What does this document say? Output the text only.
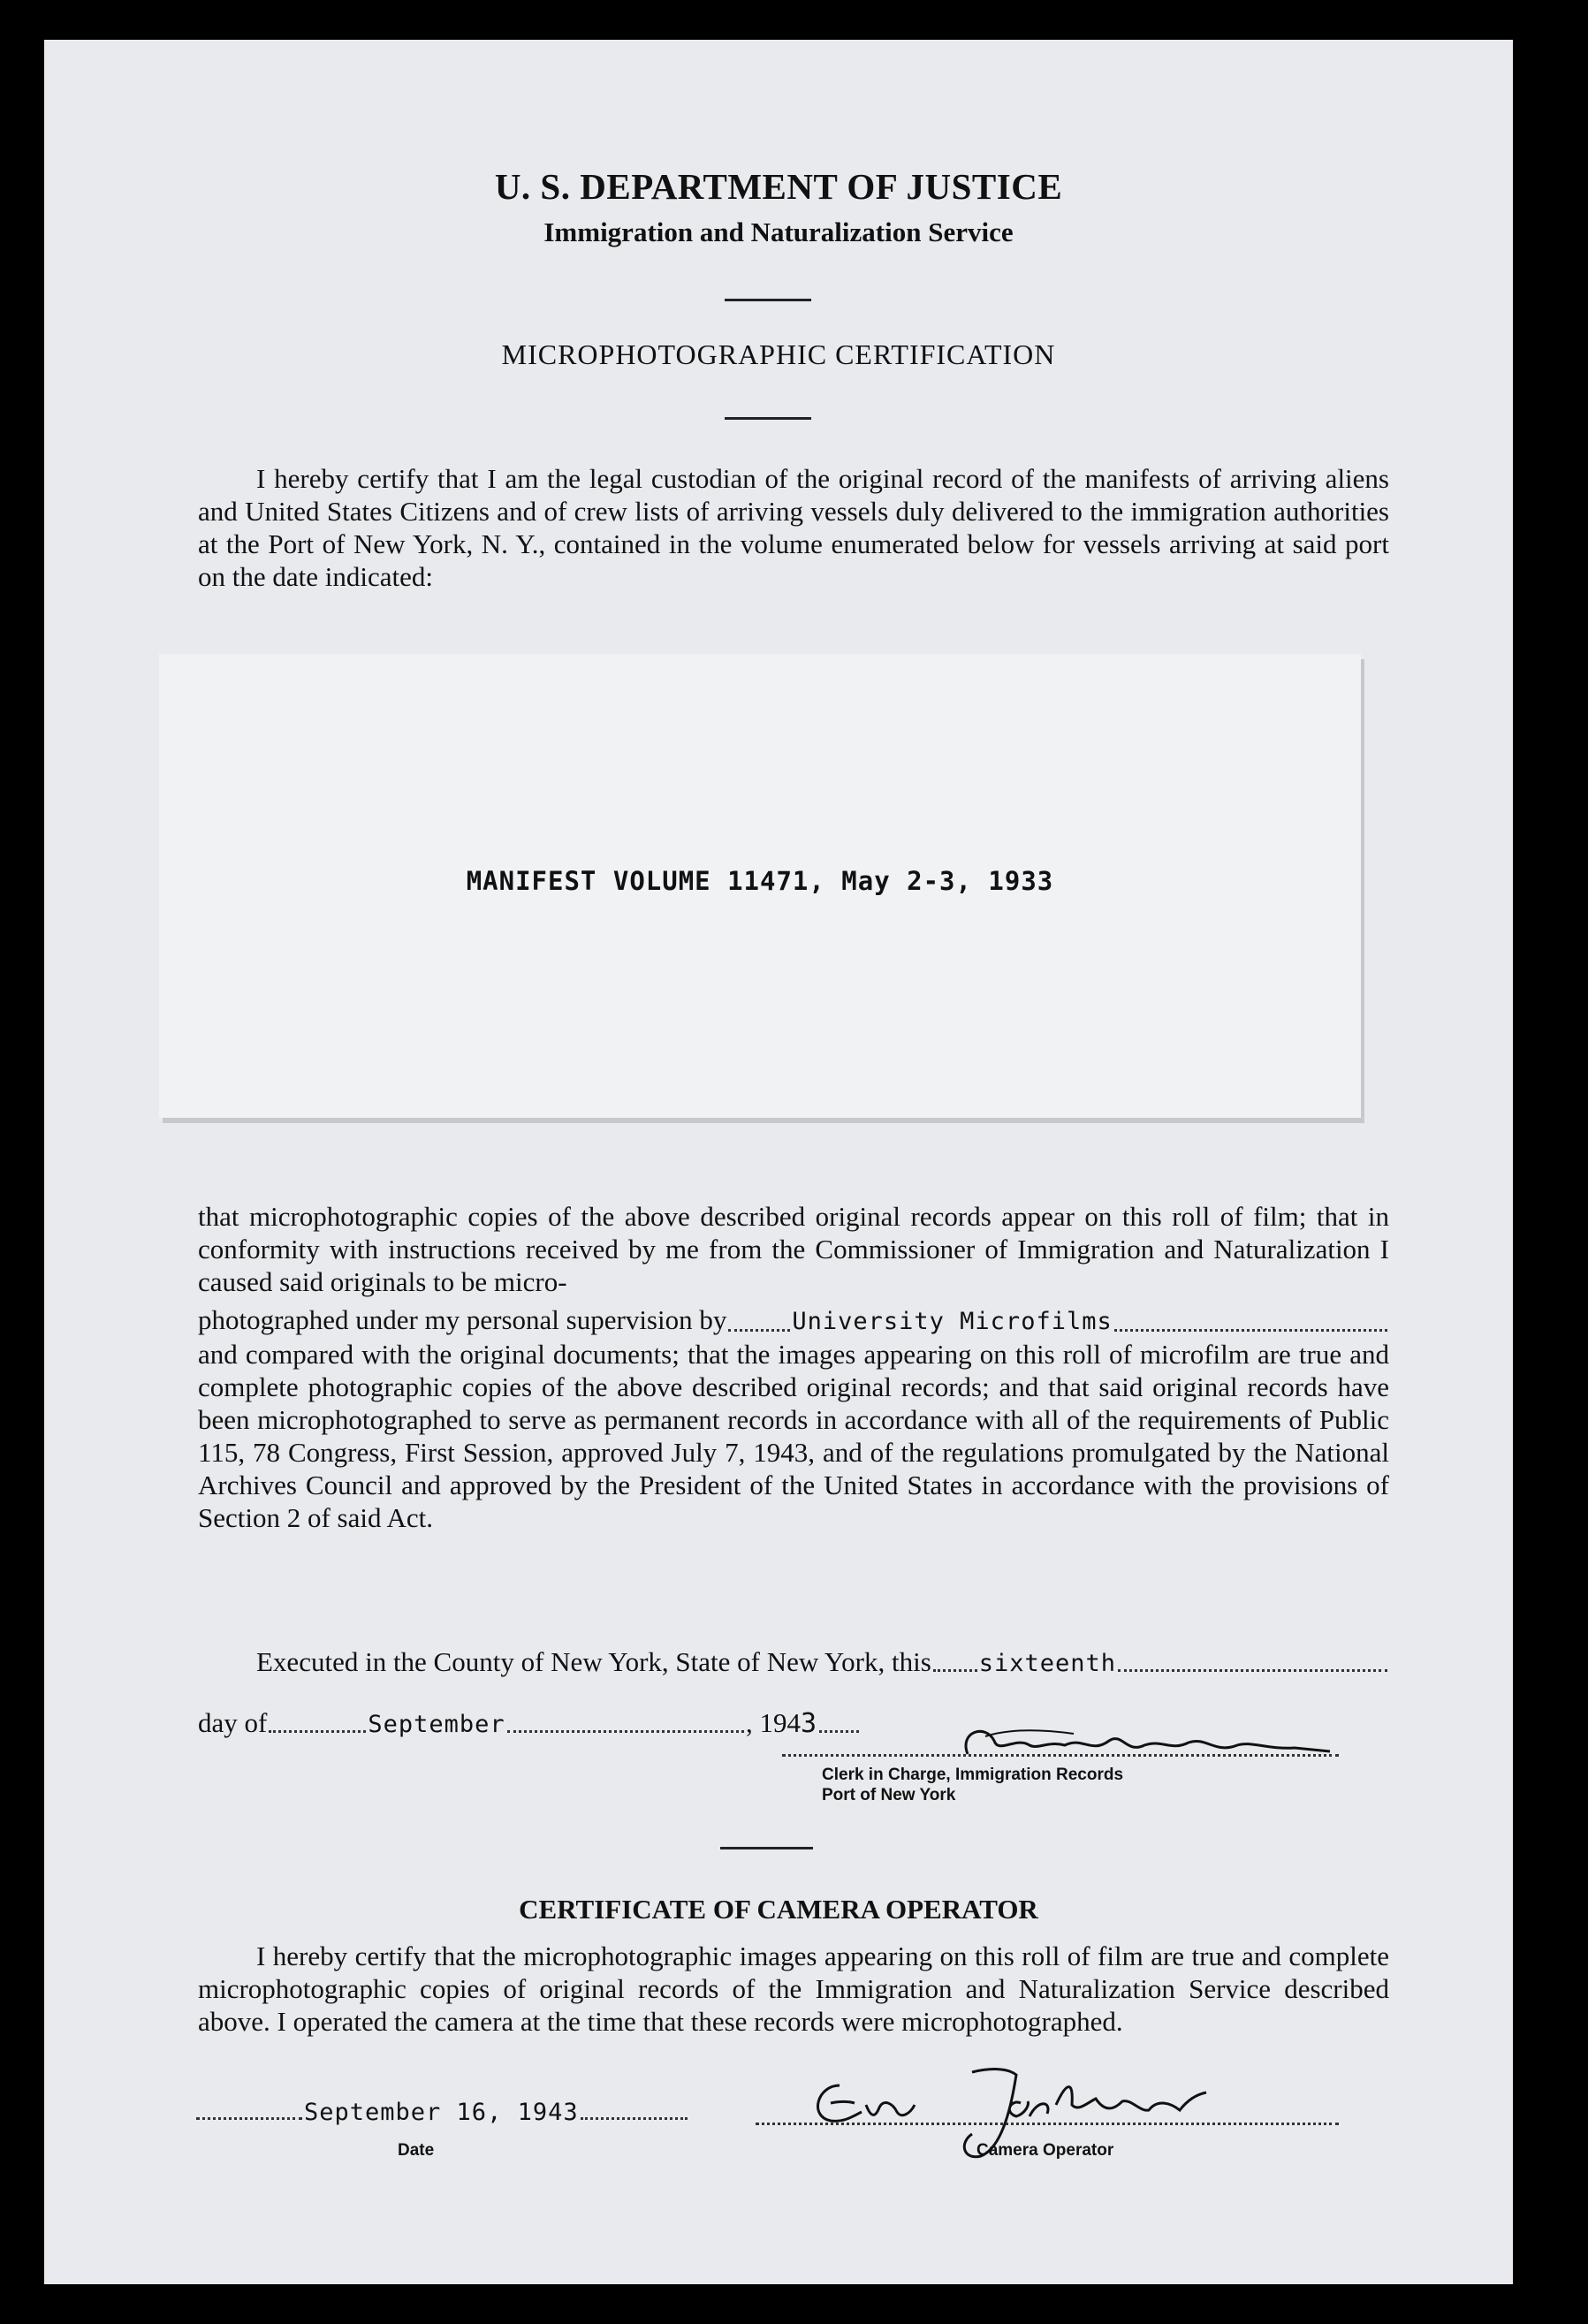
U. S. DEPARTMENT OF JUSTICE
Immigration and Naturalization Service
MICROPHOTOGRAPHIC CERTIFICATION
I hereby certify that I am the legal custodian of the original record of the manifests of arriving aliens and United States Citizens and of crew lists of arriving vessels duly delivered to the immigration authorities at the Port of New York, N. Y., contained in the volume enumerated below for vessels arriving at said port on the date indicated:
MANIFEST VOLUME 11471, May 2-3, 1933

that microphotographic copies of the above described original records appear on this roll of film; that in conformity with instructions received by me from the Commissioner of Immigration and Naturalization I caused said originals to be micro-

photographed under my personal supervision by	University Microfilms

and compared with the original documents; that the images appearing on this roll of microfilm are true and complete photographic copies of the above described original records; and that said original records have been microphotographed to serve as permanent records in accordance with all of the requirements of Public 115, 78 Congress, First Session, approved July 7, 1943, and of the regulations promulgated by the National Archives Council and approved by the President of the United States in accordance with the provisions of Section 2 of said Act.

Executed in the County of New York, State of New York, this sixteenth
day of	September	, 194 3
Clerk in Charge, Immigration Records
Port of New York
CERTIFICATE OF CAMERA OPERATOR
I hereby certify that the microphotographic images appearing on this roll of film are true and complete microphotographic copies of original records of the Immigration and Naturalization Service described above. I operated the camera at the time that these records were microphotographed.
September 16, 1943
Date	Camera Operator
